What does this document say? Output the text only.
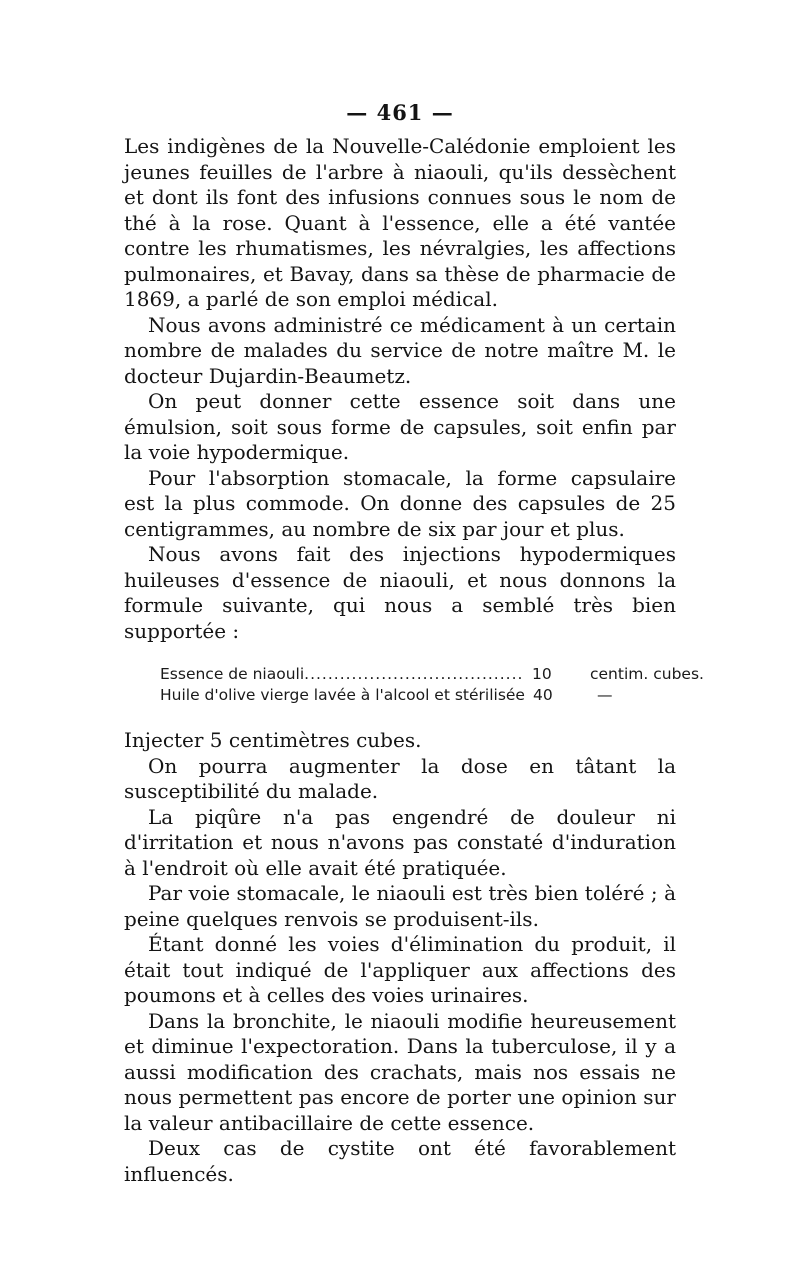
— 461 —

Les indigènes de la Nouvelle-Calédonie emploient les jeunes feuilles de l'arbre à niaouli, qu'ils dessèchent et dont ils font des infusions connues sous le nom de thé à la rose. Quant à l'essence, elle a été vantée contre les rhumatismes, les névralgies, les affections pulmonaires, et Bavay, dans sa thèse de pharmacie de 1869, a parlé de son emploi médical.

Nous avons administré ce médicament à un certain nombre de malades du service de notre maître M. le docteur Dujardin-Beaumetz.

On peut donner cette essence soit dans une émulsion, soit sous forme de capsules, soit enfin par la voie hypodermique.

Pour l'absorption stomacale, la forme capsulaire est la plus commode. On donne des capsules de 25 centigrammes, au nombre de six par jour et plus.

Nous avons fait des injections hypodermiques huileuses d'essence de niaouli, et nous donnons la formule suivante, qui nous a semblé très bien supportée :

Essence de niaouli .....	10	centim. cubes.
Huile d'olive vierge lavée à l'alcool et stérilisée 40	—

Injecter 5 centimètres cubes.

On pourra augmenter la dose en tâtant la susceptibilité du malade.

La piqûre n'a pas engendré de douleur ni d'irritation et nous n'avons pas constaté d'induration à l'endroit où elle avait été pratiquée.

Par voie stomacale, le niaouli est très bien toléré ; à peine quelques renvois se produisent-ils.

Étant donné les voies d'élimination du produit, il était tout indiqué de l'appliquer aux affections des poumons et à celles des voies urinaires.

Dans la bronchite, le niaouli modifie heureusement et diminue l'expectoration. Dans la tuberculose, il y a aussi modification des crachats, mais nos essais ne nous permettent pas encore de porter une opinion sur la valeur antibacillaire de cette essence.

Deux cas de cystite ont été favorablement influencés.
